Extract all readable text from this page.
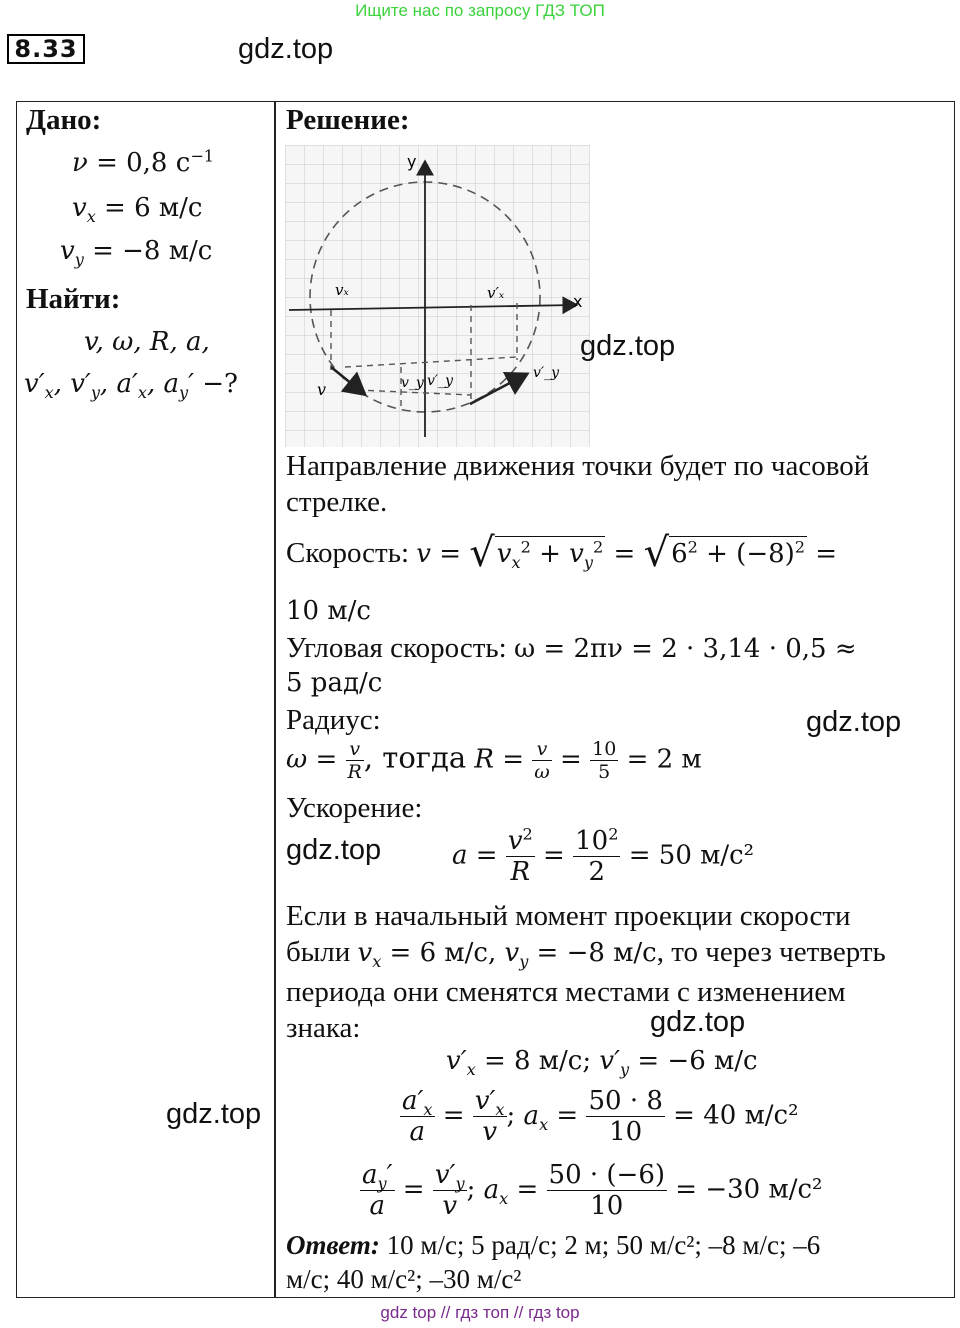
Ищите нас по запросу ГДЗ ТОП
8.33	gdz.top
Дано:
ν = 0,8 $с^{-1}$
$v_x = 6$ м/с
$v_y = -8$ м/с
Найти:
v, ω, R, a,
$v'_x$, $v'_y$, $a'_x$, $a_y'$ −?
Решение:
y
x
vₓ	v′ₓ
v	v_y v′_y	v′_y
gdz.top
Направление движения точки будет по часовой
стрелке.
Скорость: $v = √v_x^2 + v_y^2 = √6^2 + (-8)^2$ =
10 м/с
Угловая скорость: ω = 2πν = 2 · 3,14 · 0,5 ≈
5 рад/с
Радиус:	gdz.top
$\omega = \frac{v}{R}$ , тогда $R = \frac{v}{\omega} = \frac{10}{5} = 2$ м
Ускорение:
gdz.top	$a = \frac{v^2}{R} = \frac{10^2}{2} = 50$ м/с²
Если в начальный момент проекции скорости
были $v_x = 6$ м/с, $v_y = -8$ м/с, то через четверть
периода они сменятся местами с изменением
знака:	gdz.top
$v'_x = 8$ м/с; $v'_y = -6$ м/с
gdz.top	$\frac{a'_x}{a} = \frac{v'_x}{v}$ ; $a_x = \frac{50 \cdot 8}{10} = 40$ м/с²
$\frac{a_y'}{a} = \frac{v'_y}{v}$ ; $a_x = \frac{50 \cdot (-6)}{10} = -30$ м/с²
Ответ: 10 м/с; 5 рад/с; 2 м; 50 м/с²; –8 м/с; –6
м/с; 40 м/с²; –30 м/с²
gdz top // гдз топ // гдз top
